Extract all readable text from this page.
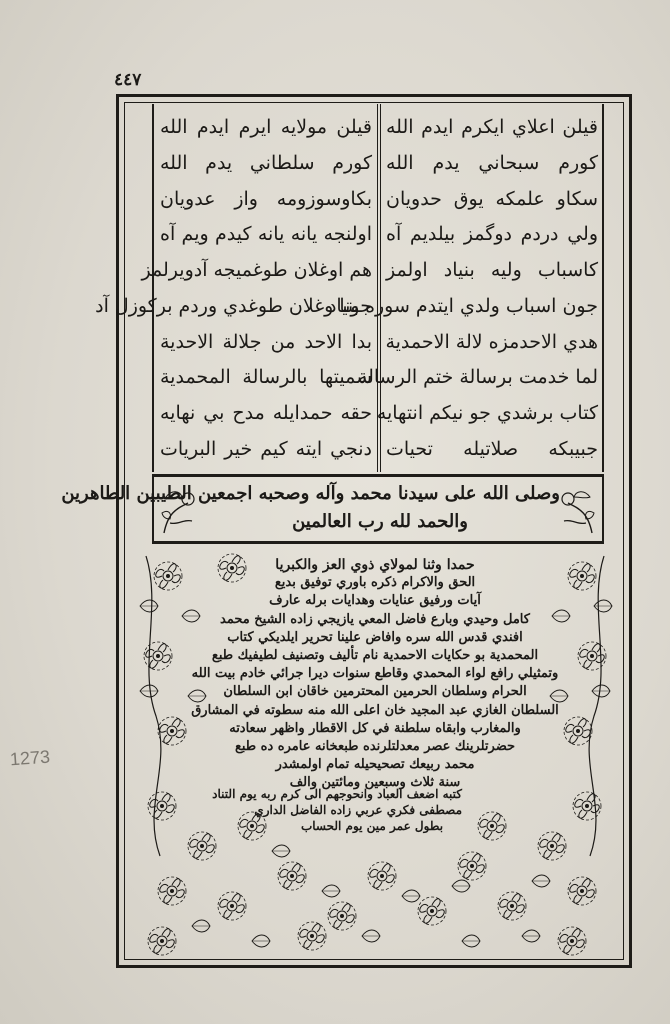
٤٤٧
1273
قيلن اعلاي ايكرم ايدم الله
كورم سبحاني يدم الله
سكاو علمكه يوق حدويان
ولي دردم دوگمز بيلديم آه
كاسباب وليه بنياد اولمز
جون اسباب ولدي ايتدم سوره بنياد
هدي الاحدمزه لالة الاحمدية
لما خدمت برسالة ختم الرسالة
كتاب برشدي جو نيكم انتهايه
جبيبكه صلاتيله تحيات
قيلن مولايه ايرم ايدم الله
كورم سلطاني يدم الله
بكاوسوزومه واز عدويان
اولنجه يانه يانه كيدم ويم آه
هم اوغلان طوغميجه آدويرلمز
جونا وغلان طوغدي وردم بركوزل آد
بدا الاحد من جلالة الاحدية
سميتها بالرسالة المحمدية
حقه حمدايله مدح بي نهايه
دنجي ايته كيم خير البريات
وصلى الله على سيدنا محمد وآله وصحبه اجمعين الطيبين الطاهرين
والحمد لله رب العالمين
حمدا وثنا لمولاي ذوي العز والكبريا
الحق والاكرام ذكره باوري توفيق بديع
آيات ورفيق عنايات وهدايات برله عارف
كامل وحيدي وبارع فاضل المعي يازيجي زاده الشيخ محمد
افندي قدس الله سره وافاض علينا تحرير ايلديكي كتاب
المحمدية بو حكايات الاحمدية نام تأليف وتصنيف لطيفيك طبع
وتمثيلي رافع لواء المحمدي وقاطع سنوات ديرا جرائي خادم بيت الله
الحرام وسلطان الحرمين المحترمين خاقان ابن السلطان
السلطان الغازي عبد المجيد خان اعلى الله منه سطوته في المشارق
والمغارب وابقاه سلطنة في كل الاقطار واظهر سعادته
حضرتلرينك عصر معدلتلرنده طبعخانه عامره ده طبع
محمد ربيعك تصحيحيله تمام اولمشدر
سنة ثلاث وسبعين ومائتين والف
كتبه اضعف العباد وانحوجهم الى كرم ربه يوم التناد
مصطفى فكري عربي زاده الفاضل الداري
بطول عمر مين يوم الحساب
